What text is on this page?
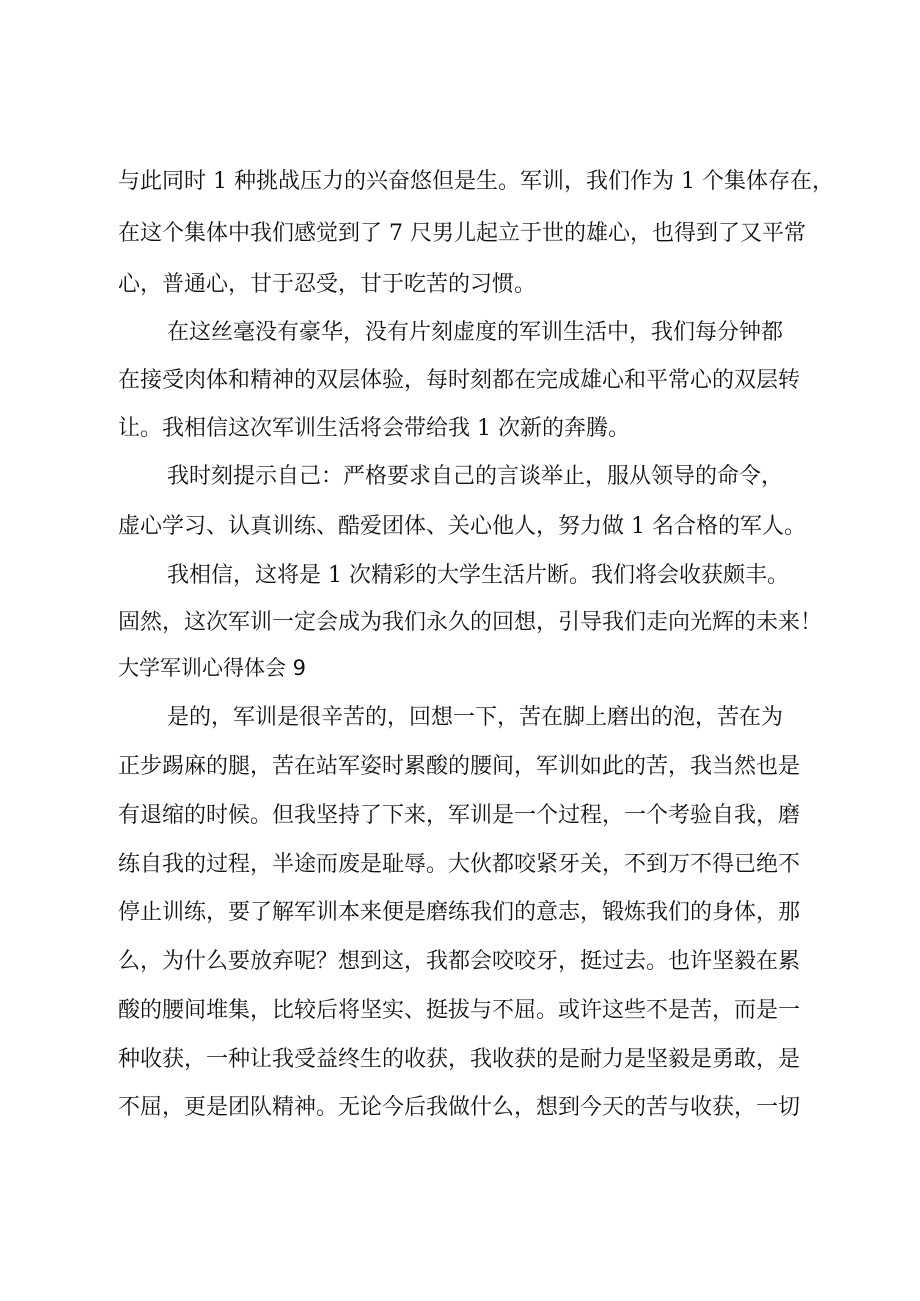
与此同时 1 种挑战压力的兴奋悠但是生。军训，我们作为 1 个集体存在，
在这个集体中我们感觉到了 7 尺男儿起立于世的雄心，也得到了又平常
心，普通心，甘于忍受，甘于吃苦的习惯。
在这丝毫没有豪华，没有片刻虚度的军训生活中，我们每分钟都
在接受肉体和精神的双层体验，每时刻都在完成雄心和平常心的双层转
让。我相信这次军训生活将会带给我 1 次新的奔腾。
我时刻提示自己：严格要求自己的言谈举止，服从领导的命令，
虚心学习、认真训练、酷爱团体、关心他人，努力做 1 名合格的军人。
我相信，这将是 1 次精彩的大学生活片断。我们将会收获颇丰。
固然，这次军训一定会成为我们永久的回想，引导我们走向光辉的未来！
大学军训心得体会 9
是的，军训是很辛苦的，回想一下，苦在脚上磨出的泡，苦在为
正步踢麻的腿，苦在站军姿时累酸的腰间，军训如此的苦，我当然也是
有退缩的时候。但我坚持了下来，军训是一个过程，一个考验自我，磨
练自我的过程，半途而废是耻辱。大伙都咬紧牙关，不到万不得已绝不
停止训练，要了解军训本来便是磨练我们的意志，锻炼我们的身体，那
么，为什么要放弃呢？想到这，我都会咬咬牙，挺过去。也许坚毅在累
酸的腰间堆集，比较后将坚实、挺拔与不屈。或许这些不是苦，而是一
种收获，一种让我受益终生的收获，我收获的是耐力是坚毅是勇敢，是
不屈，更是团队精神。无论今后我做什么，想到今天的苦与收获，一切
